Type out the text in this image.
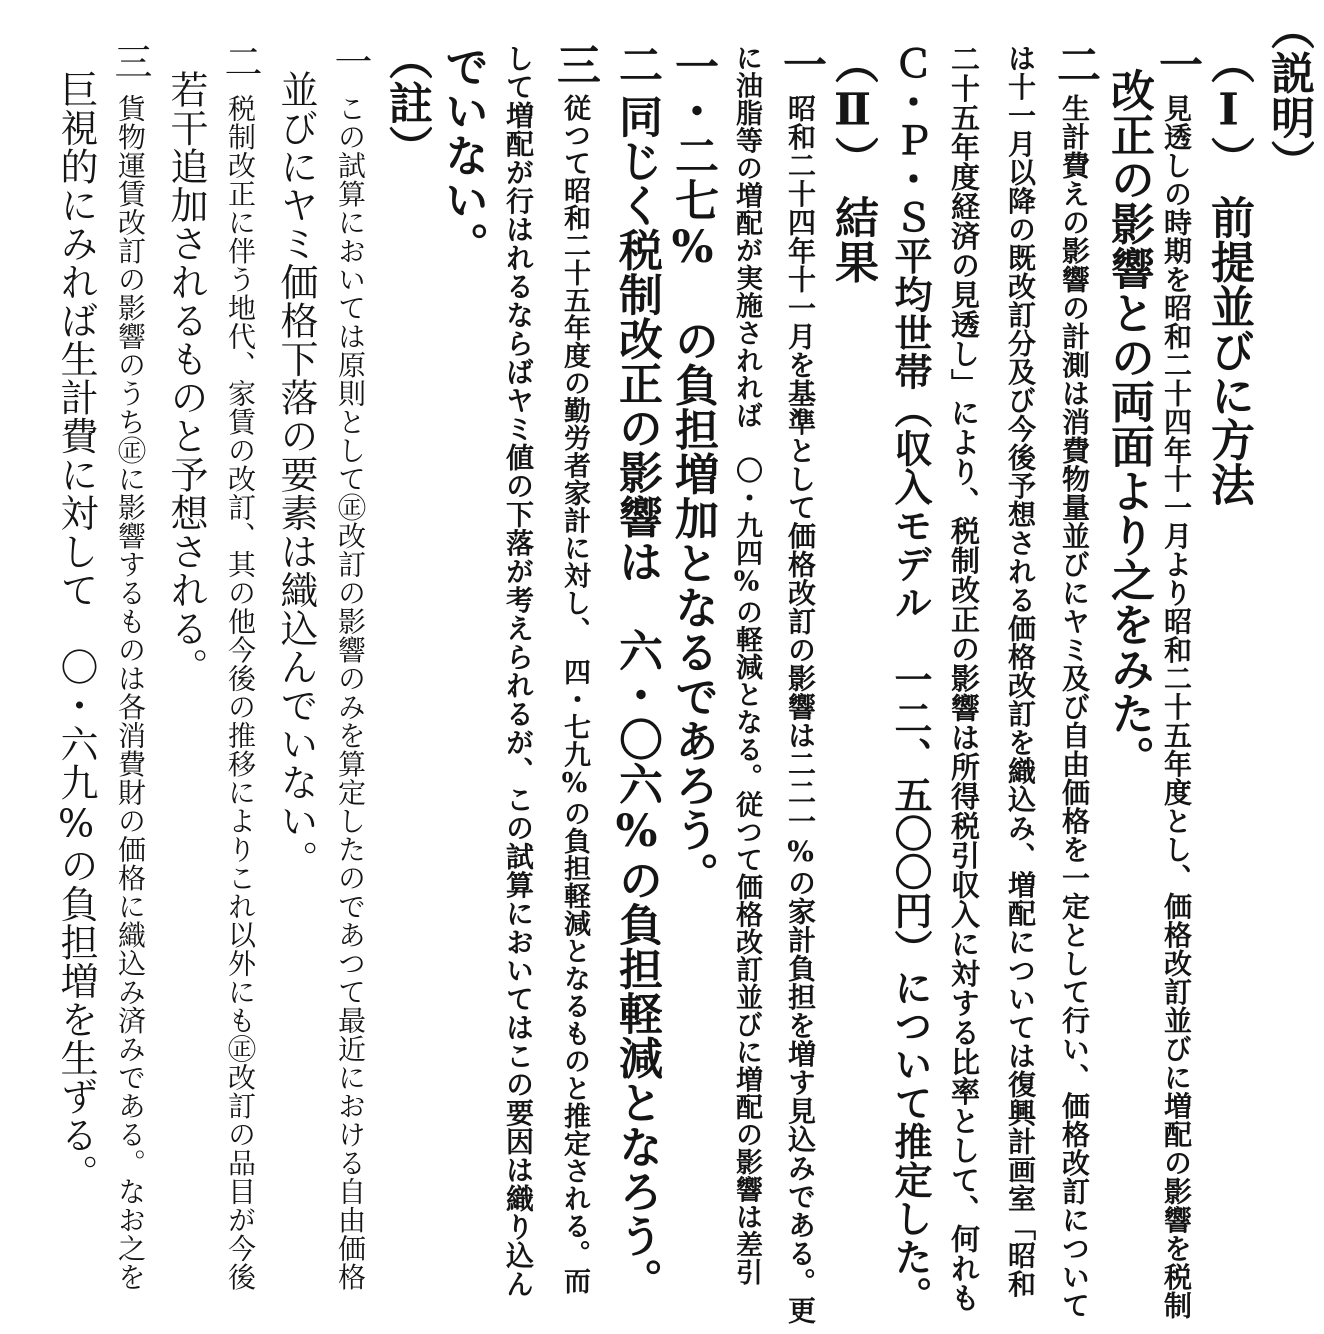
（説明）
（Ⅰ）前提並びに方法
一
見透しの時期を昭和二十四年十一月より昭和二十五年度とし、価格改訂並びに増配の影響を税制
改正の影響との両面より之をみた。
二
生計費えの影響の計測は消費物量並びにヤミ及び自由価格を一定として行い、価格改訂について
は十一月以降の既改訂分及び今後予想される価格改訂を織込み、増配については復興計画室「昭和
二十五年度経済の見透し」により、税制改正の影響は所得税引収入に対する比率として、何れも
Ｃ・Ｐ・Ｓ平均世帯（収入モデル　一二、五〇〇円）について推定した。
（Ⅱ）結果
一
昭和二十四年十一月を基準として価格改訂の影響は二二一%の家計負担を増す見込みである。更
に油脂等の増配が実施されれば　〇・九四%の軽減となる。従つて価格改訂並びに増配の影響は差引
一・二七%　の負担増加となるであろう。
二
同じく税制改正の影響は　六・〇六%の負担軽減となろう。
三
従つて昭和二十五年度の勤労者家計に対し、　四・七九%の負担軽減となるものと推定される。而
して増配が行はれるならばヤミ値の下落が考えられるが、この試算においてはこの要因は織り込ん
でいない。
（註）
一
この試算においては原則として㊣改訂の影響のみを算定したのであつて最近における自由価格
並びにヤミ価格下落の要素は織込んでいない。
二
税制改正に伴う地代、家賃の改訂、其の他今後の推移によりこれ以外にも㊣改訂の品目が今後
若干追加されるものと予想される。
三
貨物運賃改訂の影響のうち㊣に影響するものは各消費財の価格に織込み済みである。なお之を
巨視的にみれば生計費に対して　〇・六九%の負担増を生ずる。
